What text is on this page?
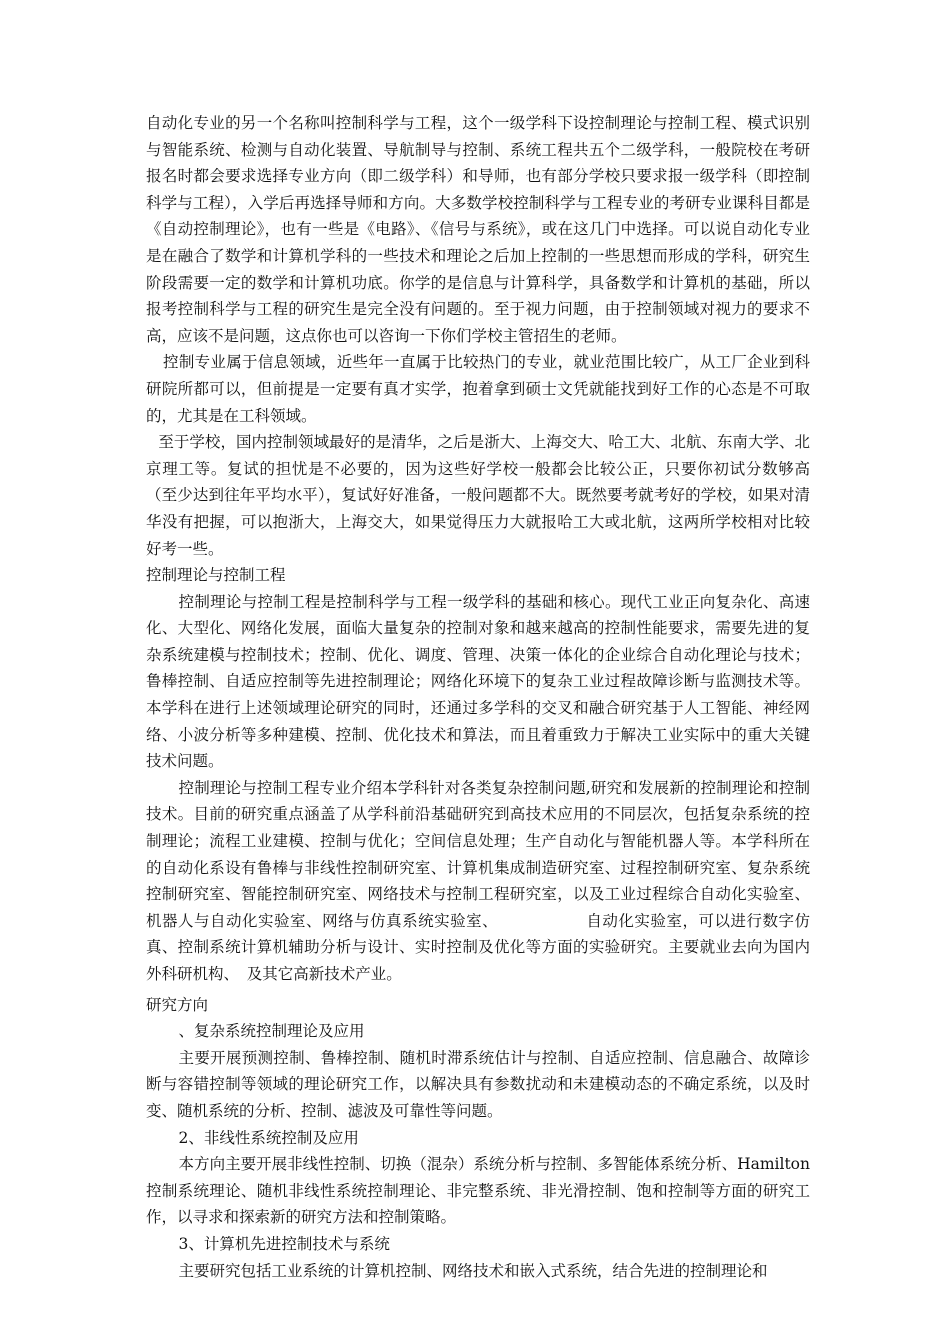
自动化专业的另一个名称叫控制科学与工程，这个一级学科下设控制理论与控制工程、模式识别与智能系统、检测与自动化装置、导航制导与控制、系统工程共五个二级学科，一般院校在考研报名时都会要求选择专业方向（即二级学科）和导师，也有部分学校只要求报一级学科（即控制科学与工程），入学后再选择导师和方向。大多数学校控制科学与工程专业的考研专业课科目都是《自动控制理论》，也有一些是《电路》、《信号与系统》，或在这几门中选择。可以说自动化专业是在融合了数学和计算机学科的一些技术和理论之后加上控制的一些思想而形成的学科，研究生阶段需要一定的数学和计算机功底。你学的是信息与计算科学，具备数学和计算机的基础，所以报考控制科学与工程的研究生是完全没有问题的。至于视力问题，由于控制领域对视力的要求不高，应该不是问题，这点你也可以咨询一下你们学校主管招生的老师。

控制专业属于信息领域，近些年一直属于比较热门的专业，就业范围比较广，从工厂企业到科研院所都可以，但前提是一定要有真才实学，抱着拿到硕士文凭就能找到好工作的心态是不可取的，尤其是在工科领域。

至于学校，国内控制领域最好的是清华，之后是浙大、上海交大、哈工大、北航、东南大学、北京理工等。复试的担忧是不必要的，因为这些好学校一般都会比较公正，只要你初试分数够高（至少达到往年平均水平），复试好好准备，一般问题都不大。既然要考就考好的学校，如果对清华没有把握，可以抱浙大，上海交大，如果觉得压力大就报哈工大或北航，这两所学校相对比较好考一些。

控制理论与控制工程

控制理论与控制工程是控制科学与工程一级学科的基础和核心。现代工业正向复杂化、高速化、大型化、网络化发展，面临大量复杂的控制对象和越来越高的控制性能要求，需要先进的复杂系统建模与控制技术；控制、优化、调度、管理、决策一体化的企业综合自动化理论与技术；鲁棒控制、自适应控制等先进控制理论；网络化环境下的复杂工业过程故障诊断与监测技术等。本学科在进行上述领域理论研究的同时，还通过多学科的交叉和融合研究基于人工智能、神经网络、小波分析等多种建模、控制、优化技术和算法，而且着重致力于解决工业实际中的重大关键技术问题。

控制理论与控制工程专业介绍本学科针对各类复杂控制问题,研究和发展新的控制理论和控制技术。目前的研究重点涵盖了从学科前沿基础研究到高技术应用的不同层次，包括复杂系统的控制理论；流程工业建模、控制与优化；空间信息处理；生产自动化与智能机器人等。本学科所在的自动化系设有鲁棒与非线性控制研究室、计算机集成制造研究室、过程控制研究室、复杂系统控制研究室、智能控制研究室、网络技术与控制工程研究室，以及工业过程综合自动化实验室、机器人与自动化实验室、网络与仿真系统实验室、　　　　　　自动化实验室，可以进行数字仿真、控制系统计算机辅助分析与设计、实时控制及优化等方面的实验研究。主要就业去向为国内外科研机构、　及其它高新技术产业。

研究方向

、复杂系统控制理论及应用

主要开展预测控制、鲁棒控制、随机时滞系统估计与控制、自适应控制、信息融合、故障诊断与容错控制等领域的理论研究工作，以解决具有参数扰动和未建模动态的不确定系统，以及时变、随机系统的分析、控制、滤波及可靠性等问题。

2、非线性系统控制及应用

本方向主要开展非线性控制、切换（混杂）系统分析与控制、多智能体系统分析、Hamilton控制系统理论、随机非线性系统控制理论、非完整系统、非光滑控制、饱和控制等方面的研究工作，以寻求和探索新的研究方法和控制策略。

3、计算机先进控制技术与系统

主要研究包括工业系统的计算机控制、网络技术和嵌入式系统，结合先进的控制理论和
